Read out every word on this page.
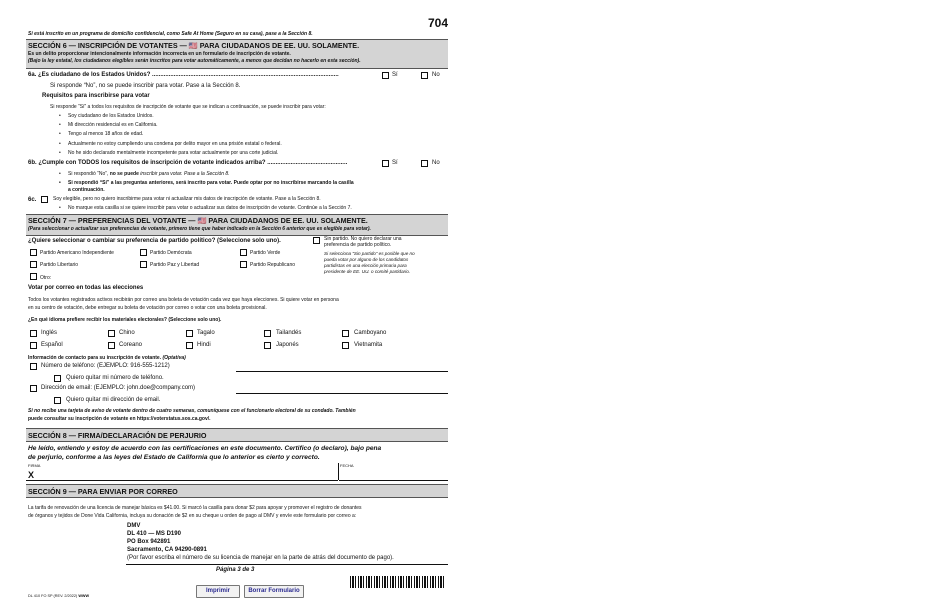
704
Si está inscrito en un programa de domicilio confidencial, como Safe At Home (Seguro en su casa), pase a la Sección 8.
SECCIÓN 6 — INSCRIPCIÓN DE VOTANTES — 🇺🇸 PARA CIUDADANOS DE EE. UU. SOLAMENTE.
Es un delito proporcionar intencionalmente información incorrecta en un formulario de inscripción de votante.
(Bajo la ley estatal, los ciudadanos elegibles serán inscritos para votar automáticamente, a menos que decidan no hacerlo en esta sección).
6a. ¿Es ciudadano de los Estados Unidos? ................................................................................................................	Sí	No
Si responde “No”, no se puede inscribir para votar. Pase a la Sección 8.
Requisitos para inscribirse para votar
Si responde “Sí” a todos los requisitos de inscripción de votante que se indican a continuación, se puede inscribir para votar:
• Soy ciudadano de los Estados Unidos.
• Mi dirección residencial es en California.
• Tengo al menos 18 años de edad.
• Actualmente no estoy cumpliendo una condena por delito mayor en una prisión estatal o federal.
• No he sido declarado mentalmente incompetente para votar actualmente por una corte judicial.
6b. ¿Cumple con TODOS los requisitos de inscripción de votante indicados arriba? ................................................	Sí	No
• Si respondió “No”, no se puede inscribir para votar. Pase a la Sección 8.
• Si respondió “Sí” a las preguntas anteriores, será inscrito para votar. Puede optar por no inscribirse marcando la casilla
a continuación.
6c.	Soy elegible, pero no quiero inscribirme para votar ni actualizar mis datos de inscripción de votante. Pase a la Sección 8.
• No marque esta casilla si se quiere inscribir para votar o actualizar sus datos de inscripción de votante. Continúe a la Sección 7.
SECCIÓN 7 — PREFERENCIAS DEL VOTANTE — 🇺🇸 PARA CIUDADANOS DE EE. UU. SOLAMENTE.
(Para seleccionar o actualizar sus preferencias de votante, primero tiene que haber indicado en la Sección 6 anterior que es elegible para votar).
¿Quiere seleccionar o cambiar su preferencia de partido político? (Seleccione solo uno).	Sin partido. No quiero declarar una
preferencia de partido político.
Si selecciona “Sin partido” es posible que no
pueda votar por alguno de los candidatos
partidistas en una elección primaria para
presidente de EE. UU. o comité partidario.
Partido Americano Independiente	Partido Demócrata	Partido Verde
Partido Libertario	Partido Paz y Libertad	Partido Republicano
Otro:
Votar por correo en todas las elecciones
Todos los votantes registrados activos recibirán por correo una boleta de votación cada vez que haya elecciones. Si quiere votar en persona
en su centro de votación, debe entregar su boleta de votación por correo o votar con una boleta provisional.
¿En qué idioma prefiere recibir los materiales electorales? (Seleccione solo uno).
Inglés	Chino	Tagalo	Tailandés	Camboyano
Español	Coreano	Hindi	Japonés	Vietnamita
Información de contacto para su inscripción de votante. (Optativa)
Número de teléfono: (EJEMPLO: 916-555-1212)
Quiero quitar mi número de teléfono.
Dirección de email: (EJEMPLO: john.doe@company.com)
Quiero quitar mi dirección de email.
Si no recibe una tarjeta de aviso de votante dentro de cuatro semanas, comuníquese con el funcionario electoral de su condado. También
puede consultar su inscripción de votante en https://voterstatus.sos.ca.gov/.
SECCIÓN 8 — FIRMA/DECLARACIÓN DE PERJURIO
He leído, entiendo y estoy de acuerdo con las certificaciones en este documento. Certifico (o declaro), bajo pena
de perjurio, conforme a las leyes del Estado de California que lo anterior es cierto y correcto.
FIRMA
X
FECHA
SECCIÓN 9 — PARA ENVIAR POR CORREO
La tarifa de renovación de una licencia de manejar básica es $41.00. Si marcó la casilla para donar $2 para apoyar y promover el registro de donantes
de órganos y tejidos de Done Vida California, incluya su donación de $2 en su cheque u orden de pago al DMV y envíe este formulario por correo a:
DMV
DL 410 — MS D190
PO Box 942891
Sacramento, CA 94290-0891
(Por favor escriba el número de su licencia de manejar en la parte de atrás del documento de pago).
Página 3 de 3
DL 410 FO SP (REV. 2/2022) WWW
Imprimir	Borrar Formulario
